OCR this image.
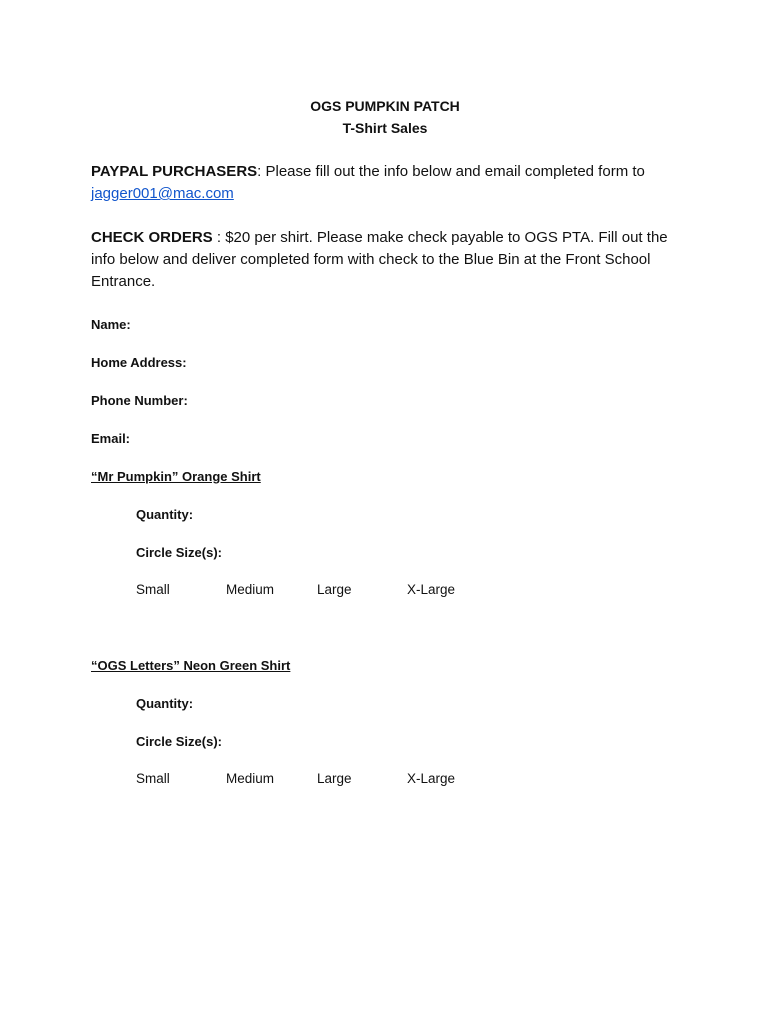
OGS PUMPKIN PATCH
T-Shirt Sales
PAYPAL PURCHASERS: Please fill out the info below and email completed form to
jagger001@mac.com
CHECK ORDERS : $20 per shirt. Please make check payable to OGS PTA. Fill out the info below and deliver completed form with check to the Blue Bin at the Front School Entrance.
Name:
Home Address:
Phone Number:
Email:
“Mr Pumpkin” Orange Shirt
Quantity:
Circle Size(s):
Small	Medium	Large	X-Large
“OGS Letters” Neon Green Shirt
Quantity:
Circle Size(s):
Small	Medium	Large	X-Large
